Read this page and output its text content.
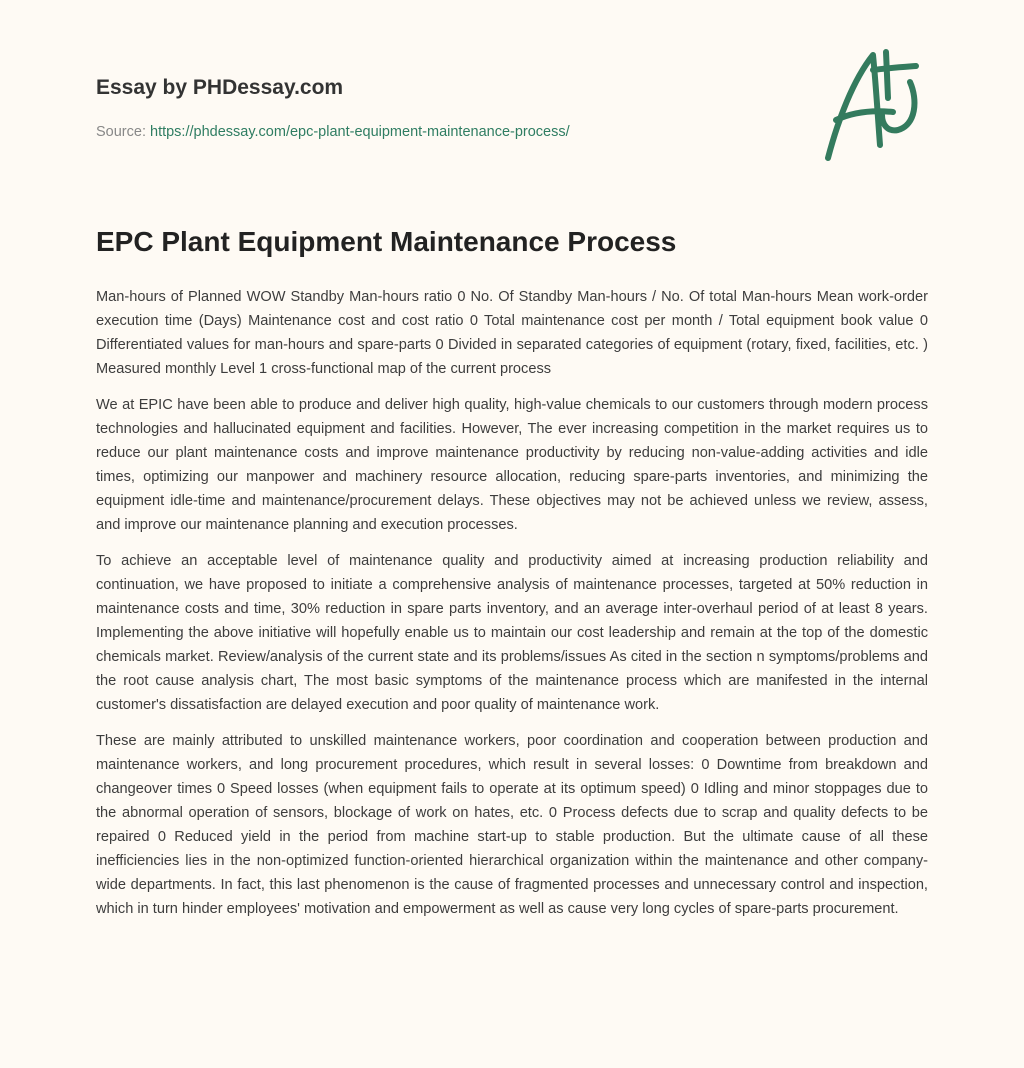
Essay by PHDessay.com
Source: https://phdessay.com/epc-plant-equipment-maintenance-process/
EPC Plant Equipment Maintenance Process

Man-hours of Planned WOW Standby Man-hours ratio 0 No. Of Standby Man-hours / No. Of total Man-hours Mean work-order execution time (Days) Maintenance cost and cost ratio 0 Total maintenance cost per month / Total equipment book value 0 Differentiated values for man-hours and spare-parts 0 Divided in separated categories of equipment (rotary, fixed, facilities, etc. ) Measured monthly Level 1 cross-functional map of the current process

We at EPIC have been able to produce and deliver high quality, high-value chemicals to our customers through modern process technologies and hallucinated equipment and facilities. However, The ever increasing competition in the market requires us to reduce our plant maintenance costs and improve maintenance productivity by reducing non-value-adding activities and idle times, optimizing our manpower and machinery resource allocation, reducing spare-parts inventories, and minimizing the equipment idle-time and maintenance/procurement delays. These objectives may not be achieved unless we review, assess, and improve our maintenance planning and execution processes.

To achieve an acceptable level of maintenance quality and productivity aimed at increasing production reliability and continuation, we have proposed to initiate a comprehensive analysis of maintenance processes, targeted at 50% reduction in maintenance costs and time, 30% reduction in spare parts inventory, and an average inter-overhaul period of at least 8 years. Implementing the above initiative will hopefully enable us to maintain our cost leadership and remain at the top of the domestic chemicals market. Review/analysis of the current state and its problems/issues As cited in the section n symptoms/problems and the root cause analysis chart, The most basic symptoms of the maintenance process which are manifested in the internal customer's dissatisfaction are delayed execution and poor quality of maintenance work.

These are mainly attributed to unskilled maintenance workers, poor coordination and cooperation between production and maintenance workers, and long procurement procedures, which result in several losses: 0 Downtime from breakdown and changeover times 0 Speed losses (when equipment fails to operate at its optimum speed) 0 Idling and minor stoppages due to the abnormal operation of sensors, blockage of work on hates, etc. 0 Process defects due to scrap and quality defects to be repaired 0 Reduced yield in the period from machine start-up to stable production. But the ultimate cause of all these inefficiencies lies in the non-optimized function-oriented hierarchical organization within the maintenance and other company-wide departments. In fact, this last phenomenon is the cause of fragmented processes and unnecessary control and inspection, which in turn hinder employees' motivation and empowerment as well as cause very long cycles of spare-parts procurement.
